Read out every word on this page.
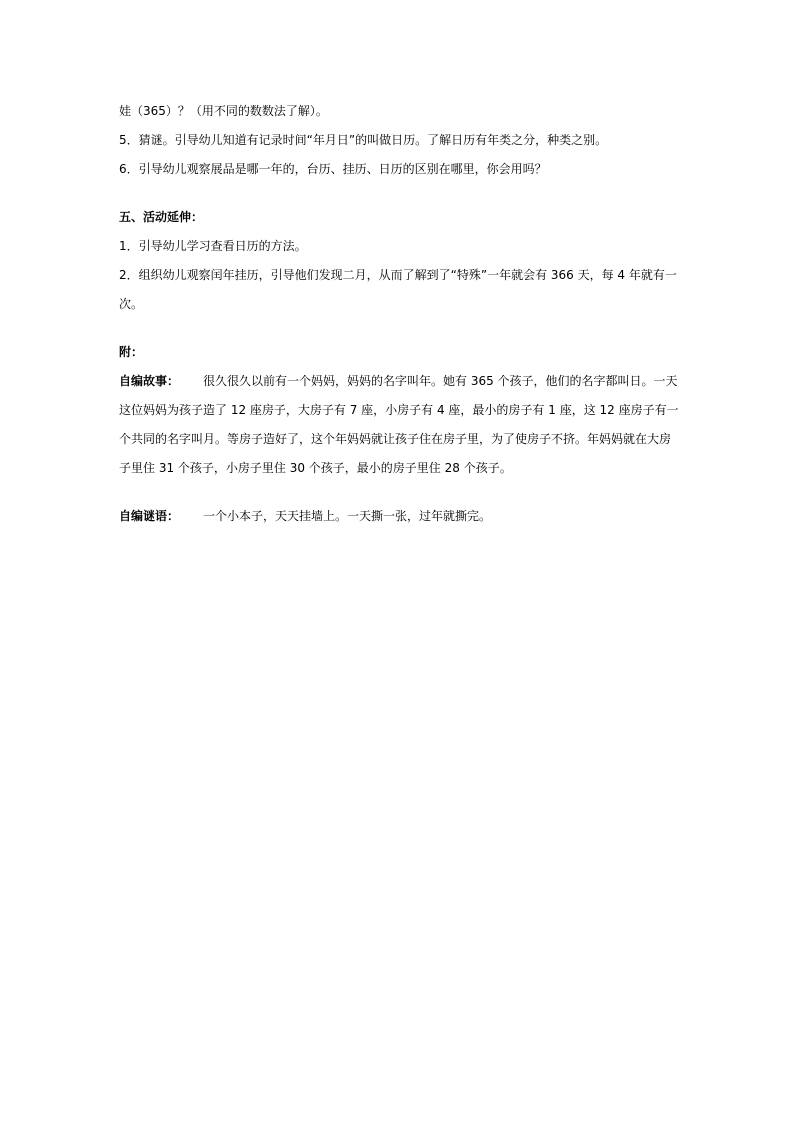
娃（365）？（用不同的数数法了解）。
5．猜谜。引导幼儿知道有记录时间“年月日”的叫做日历。了解日历有年类之分，种类之别。
6．引导幼儿观察展品是哪一年的，台历、挂历、日历的区别在哪里，你会用吗？
五、活动延伸：
1．引导幼儿学习查看日历的方法。
2．组织幼儿观察闰年挂历，引导他们发现二月，从而了解到了“特殊”一年就会有 366 天，每 4 年就有一
次。
附：
自编故事： 很久很久以前有一个妈妈，妈妈的名字叫年。她有 365 个孩子，他们的名字都叫日。一天
这位妈妈为孩子造了 12 座房子，大房子有 7 座，小房子有 4 座，最小的房子有 1 座，这 12 座房子有一
个共同的名字叫月。等房子造好了，这个年妈妈就让孩子住在房子里，为了使房子不挤。年妈妈就在大房
子里住 31 个孩子，小房子里住 30 个孩子，最小的房子里住 28 个孩子。
自编谜语： 一个小本子，天天挂墙上。一天撕一张，过年就撕完。
